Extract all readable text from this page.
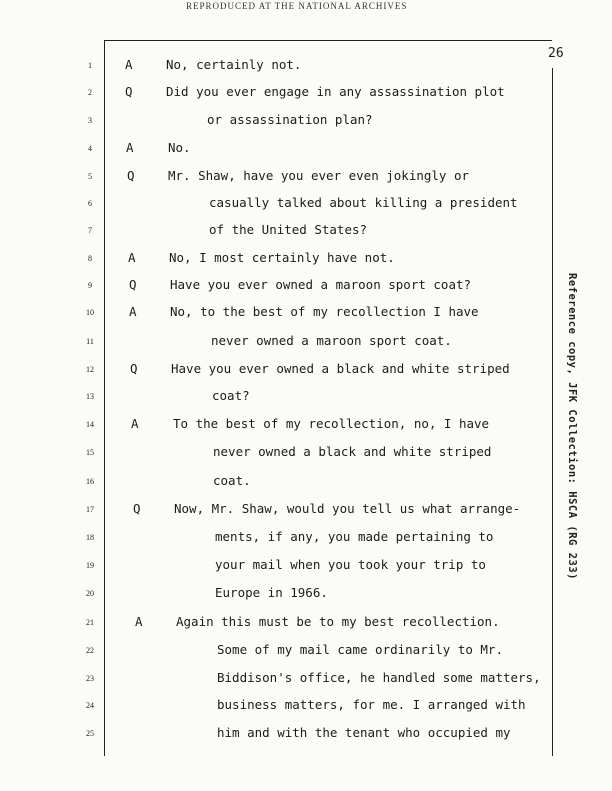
REPRODUCED AT THE NATIONAL ARCHIVES
26
1	A	No, certainly not.
2	Q	Did you ever engage in any assassination plot
3	or assassination plan?
4	A	No.
5	Q	Mr. Shaw, have you ever even jokingly or
6	casually talked about killing a president
7	of the United States?
8	A	No, I most certainly have not.
9	Q	Have you ever owned a maroon sport coat?
10	A	No, to the best of my recollection I have
11	never owned a maroon sport coat.
12	Q	Have you ever owned a black and white striped
13	coat?
14	A	To the best of my recollection, no, I have
15	never owned a black and white striped
16	coat.
17	Q	Now, Mr. Shaw, would you tell us what arrange-
18	ments, if any, you made pertaining to
19	your mail when you took your trip to
20	Europe in 1966.
21	A	Again this must be to my best recollection.
22	Some of my mail came ordinarily to Mr.
23	Biddison's office, he handled some matters,
24	business matters, for me. I arranged with
25	him and with the tenant who occupied my
Reference copy, JFK Collection: HSCA (RG 233)
